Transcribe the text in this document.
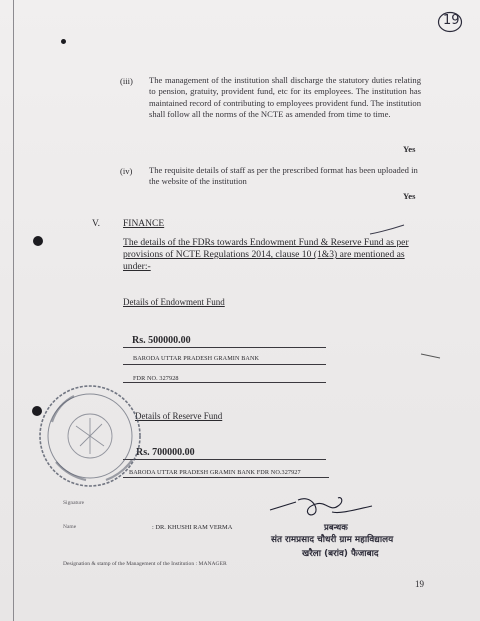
19
(iii) The management of the institution shall discharge the statutory duties relating to pension, gratuity, provident fund, etc for its employees. The institution has maintained record of contributing to employees provident fund. The institution shall follow all the norms of the NCTE as amended from time to time.
Yes
(iv) The requisite details of staff as per the prescribed format has been uploaded in the website of the institution
Yes
V. FINANCE
The details of the FDRs towards Endowment Fund & Reserve Fund as per
provisions of NCTE Regulations 2014, clause 10 (1&3) are mentioned as
under:-
Details of Endowment Fund
Rs. 500000.00
BARODA UTTAR PRADESH GRAMIN BANK
FDR NO. 327928
Details of Reserve Fund
Rs. 700000.00
BARODA UTTAR PRADESH GRAMIN BANK FDR NO.327927
Signature
प्रबन्धक
Name	: DR. KHUSHI RAM VERMA
संत रामप्रसाद चौधरी ग्राम महाविद्यालय
खरैला (बरांव) फैजाबाद
Designation & stamp of the Management of the Institution : MANAGER
19
